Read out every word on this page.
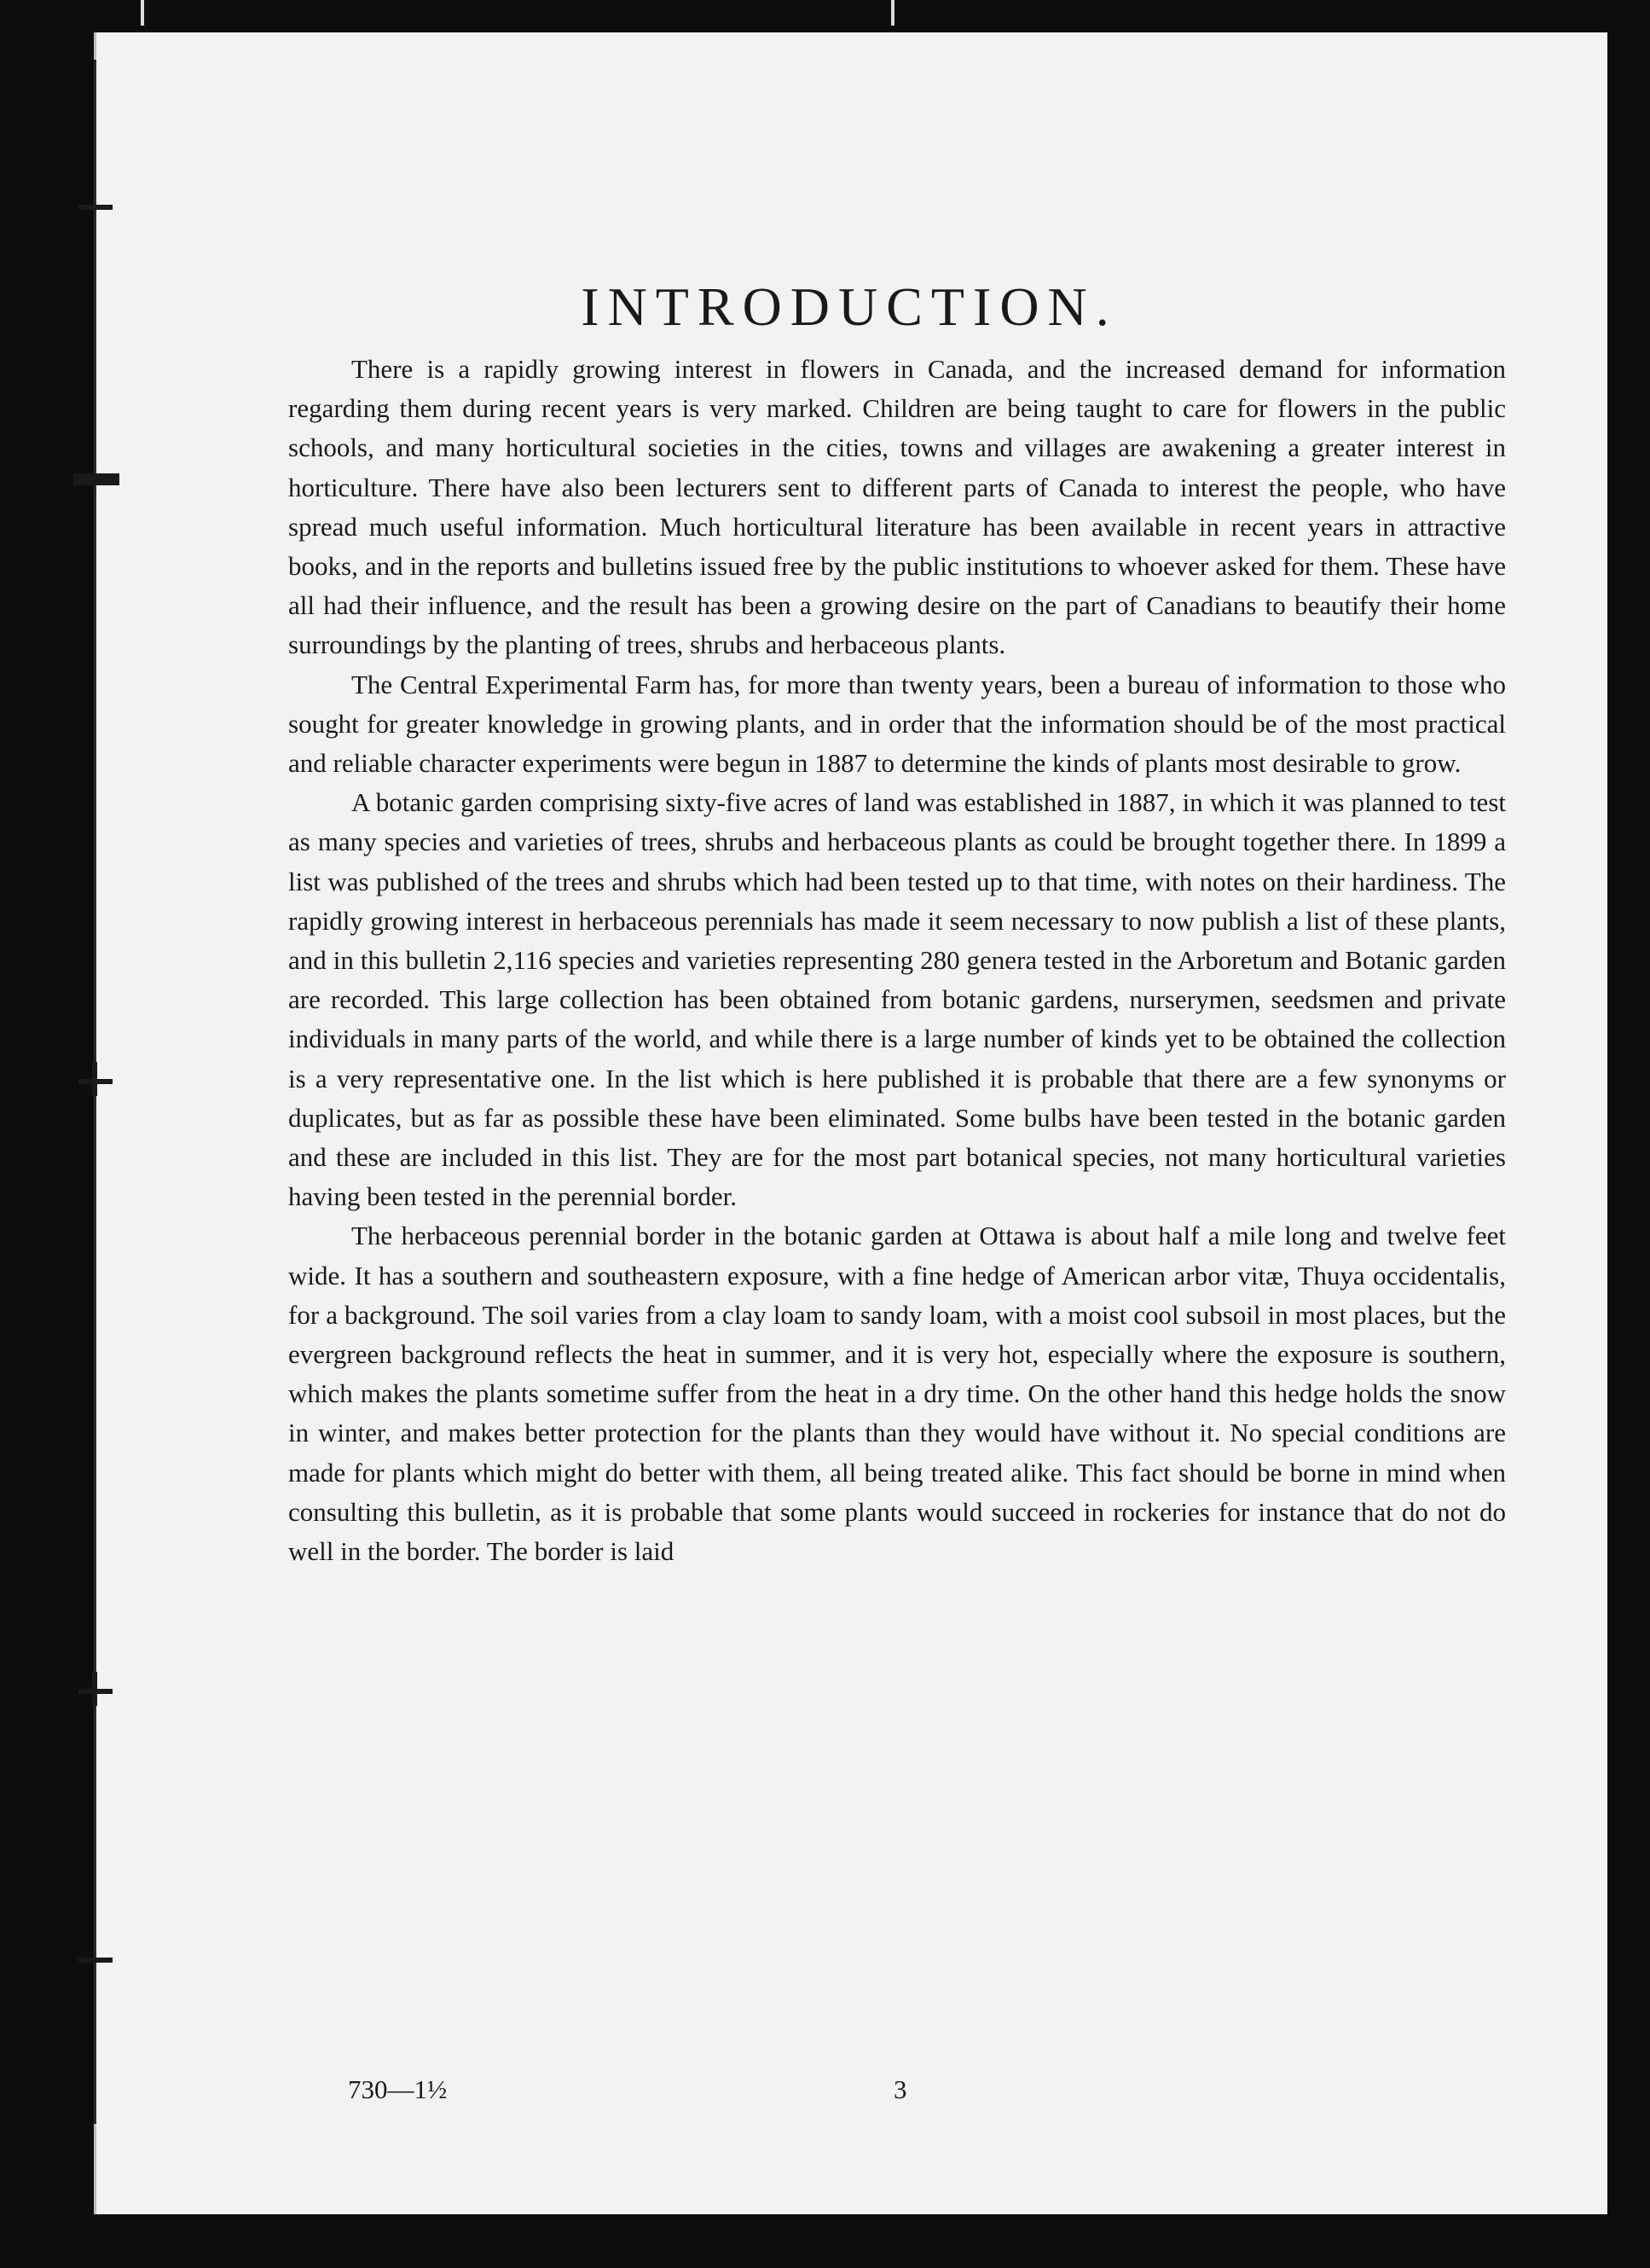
INTRODUCTION.

There is a rapidly growing interest in flowers in Canada, and the increased demand for information regarding them during recent years is very marked. Children are being taught to care for flowers in the public schools, and many horticultural societies in the cities, towns and villages are awakening a greater interest in horticulture. There have also been lecturers sent to different parts of Canada to interest the people, who have spread much useful information. Much horticultural literature has been available in recent years in attractive books, and in the reports and bulletins issued free by the public institutions to whoever asked for them. These have all had their influence, and the result has been a growing desire on the part of Canadians to beautify their home surroundings by the planting of trees, shrubs and herbaceous plants.

The Central Experimental Farm has, for more than twenty years, been a bureau of information to those who sought for greater knowledge in growing plants, and in order that the information should be of the most practical and reliable character experiments were begun in 1887 to determine the kinds of plants most desirable to grow.

A botanic garden comprising sixty-five acres of land was established in 1887, in which it was planned to test as many species and varieties of trees, shrubs and herbaceous plants as could be brought together there. In 1899 a list was published of the trees and shrubs which had been tested up to that time, with notes on their hardiness. The rapidly growing interest in herbaceous perennials has made it seem necessary to now publish a list of these plants, and in this bulletin 2,116 species and varieties representing 280 genera tested in the Arboretum and Botanic garden are recorded. This large collection has been obtained from botanic gardens, nurserymen, seedsmen and private individuals in many parts of the world, and while there is a large number of kinds yet to be obtained the collection is a very representative one. In the list which is here published it is probable that there are a few synonyms or duplicates, but as far as possible these have been eliminated. Some bulbs have been tested in the botanic garden and these are included in this list. They are for the most part botanical species, not many horticultural varieties having been tested in the perennial border.

The herbaceous perennial border in the botanic garden at Ottawa is about half a mile long and twelve feet wide. It has a southern and southeastern exposure, with a fine hedge of American arbor vitæ, Thuya occidentalis, for a background. The soil varies from a clay loam to sandy loam, with a moist cool subsoil in most places, but the evergreen background reflects the heat in summer, and it is very hot, especially where the exposure is southern, which makes the plants sometime suffer from the heat in a dry time. On the other hand this hedge holds the snow in winter, and makes better protection for the plants than they would have without it. No special conditions are made for plants which might do better with them, all being treated alike. This fact should be borne in mind when consulting this bulletin, as it is probable that some plants would succeed in rockeries for instance that do not do well in the border. The border is laid

730—1½	3
